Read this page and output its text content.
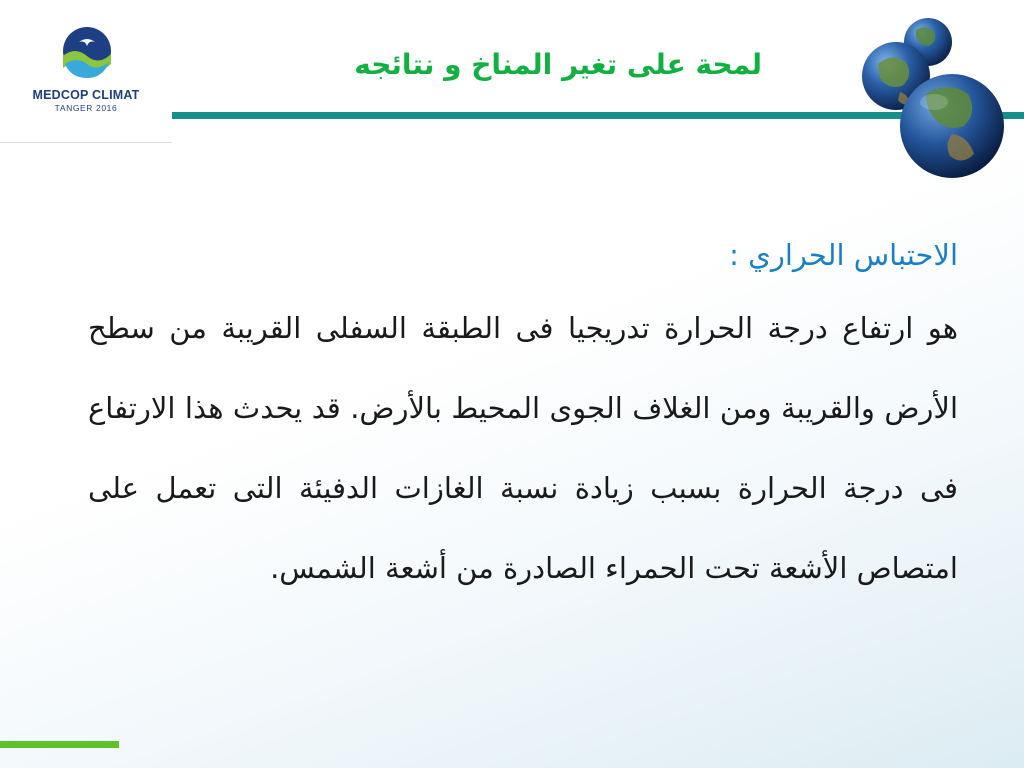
MEDCOP CLIMAT
TANGER 2016
لمحة على تغير المناخ و نتائجه
الاحتباس الحراري :

هو ارتفاع درجة الحرارة تدريجيا فى الطبقة السفلى القريبة من سطح الأرض والقريبة ومن الغلاف الجوى المحيط بالأرض. قد يحدث هذا الارتفاع فى درجة الحرارة بسبب زيادة نسبة الغازات الدفيئة التى تعمل على امتصاص الأشعة تحت الحمراء الصادرة من أشعة الشمس.
